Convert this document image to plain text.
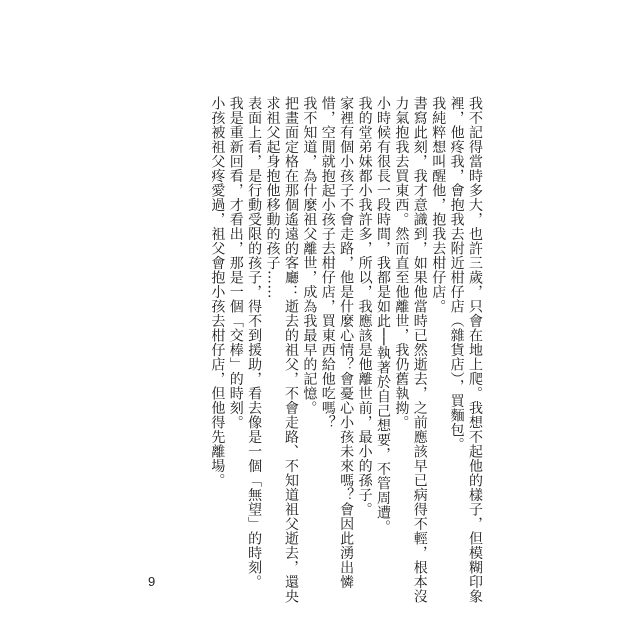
我不記得當時多大，也許三歲，只會在地上爬。我想不起他的樣子，但模糊印象
裡，他疼我，會抱我去附近柑仔店（雜貨店），買麵包。
我純粹想叫醒他，抱我去柑仔店。
書寫此刻，我才意識到，如果他當時已然逝去，之前應該早已病得不輕，根本沒
力氣抱我去買東西。然而直至他離世，我仍舊執拗。
小時候有很長一段時間，我都是如此──執著於自己想要，不管周遭。
我的堂弟妹都小我許多，所以，我應該是他離世前，最小的孫子。
家裡有個小孩子不會走路，他是什麼心情？會憂心小孩未來嗎？會因此湧出憐
惜，空閒就抱起小孩子去柑仔店，買東西給他吃嗎？
我不知道，為什麼祖父離世，成為我最早的記憶。
把畫面定格在那個遙遠的客廳：逝去的祖父，不會走路、不知道祖父逝去，還央
求祖父起身抱他移動的孩子……
表面上看，是行動受限的孩子，得不到援助，看去像是一個「無望」的時刻。
我是重新回看，才看出，那是一個「交棒」的時刻。
小孩被祖父疼愛過，祖父會抱小孩去柑仔店，但他得先離場。
9
